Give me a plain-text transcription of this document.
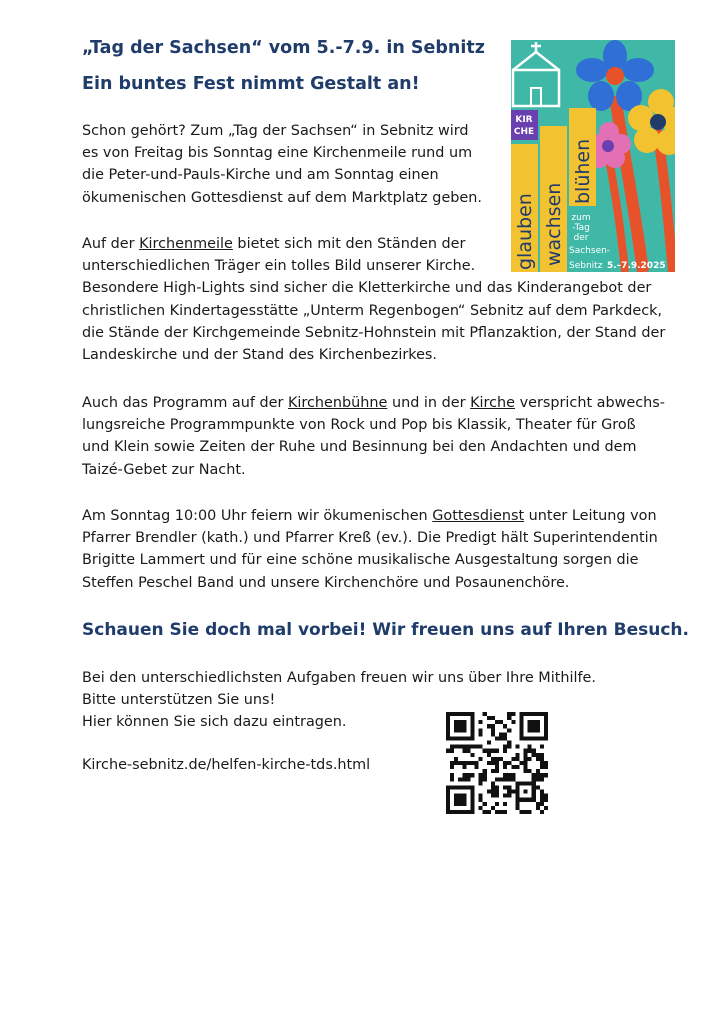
„Tag der Sachsen“ vom 5.-7.9. in Sebnitz
Ein buntes Fest nimmt Gestalt an!

Schon gehört? Zum „Tag der Sachsen“ in Sebnitz wird
es von Freitag bis Sonntag eine Kirchenmeile rund um
die Peter-und-Pauls-Kirche und am Sonntag einen
ökumenischen Gottesdienst auf dem Marktplatz geben.

Auf der Kirchenmeile bietet sich mit den Ständen der
unterschiedlichen Träger ein tolles Bild unserer Kirche.
Besondere High-Lights sind sicher die Kletterkirche und das Kinderangebot der
christlichen Kindertagesstätte „Unterm Regenbogen“ Sebnitz auf dem Parkdeck,
die Stände der Kirchgemeinde Sebnitz-Hohnstein mit Pflanzaktion, der Stand der
Landeskirche und der Stand des Kirchenbezirkes.

Auch das Programm auf der Kirchenbühne und in der Kirche verspricht abwechs-
lungsreiche Programmpunkte von Rock und Pop bis Klassik, Theater für Groß
und Klein sowie Zeiten der Ruhe und Besinnung bei den Andachten und dem
Taizé-Gebet zur Nacht.

Am Sonntag 10:00 Uhr feiern wir ökumenischen Gottesdienst unter Leitung von
Pfarrer Brendler (kath.) und Pfarrer Kreß (ev.). Die Predigt hält Superintendentin
Brigitte Lammert und für eine schöne musikalische Ausgestaltung sorgen die
Steffen Peschel Band und unsere Kirchenchöre und Posaunenchöre.

Schauen Sie doch mal vorbei! Wir freuen uns auf Ihren Besuch.

Bei den unterschiedlichsten Aufgaben freuen wir uns über Ihre Mithilfe.
Bitte unterstützen Sie uns!
Hier können Sie sich dazu eintragen.

Kirche-sebnitz.de/helfen-kirche-tds.html
KIR
CHE
glauben wachsen
blühen
zum
-Tag
der
Sachsen-
Sebnitz 5.–7.9.2025
